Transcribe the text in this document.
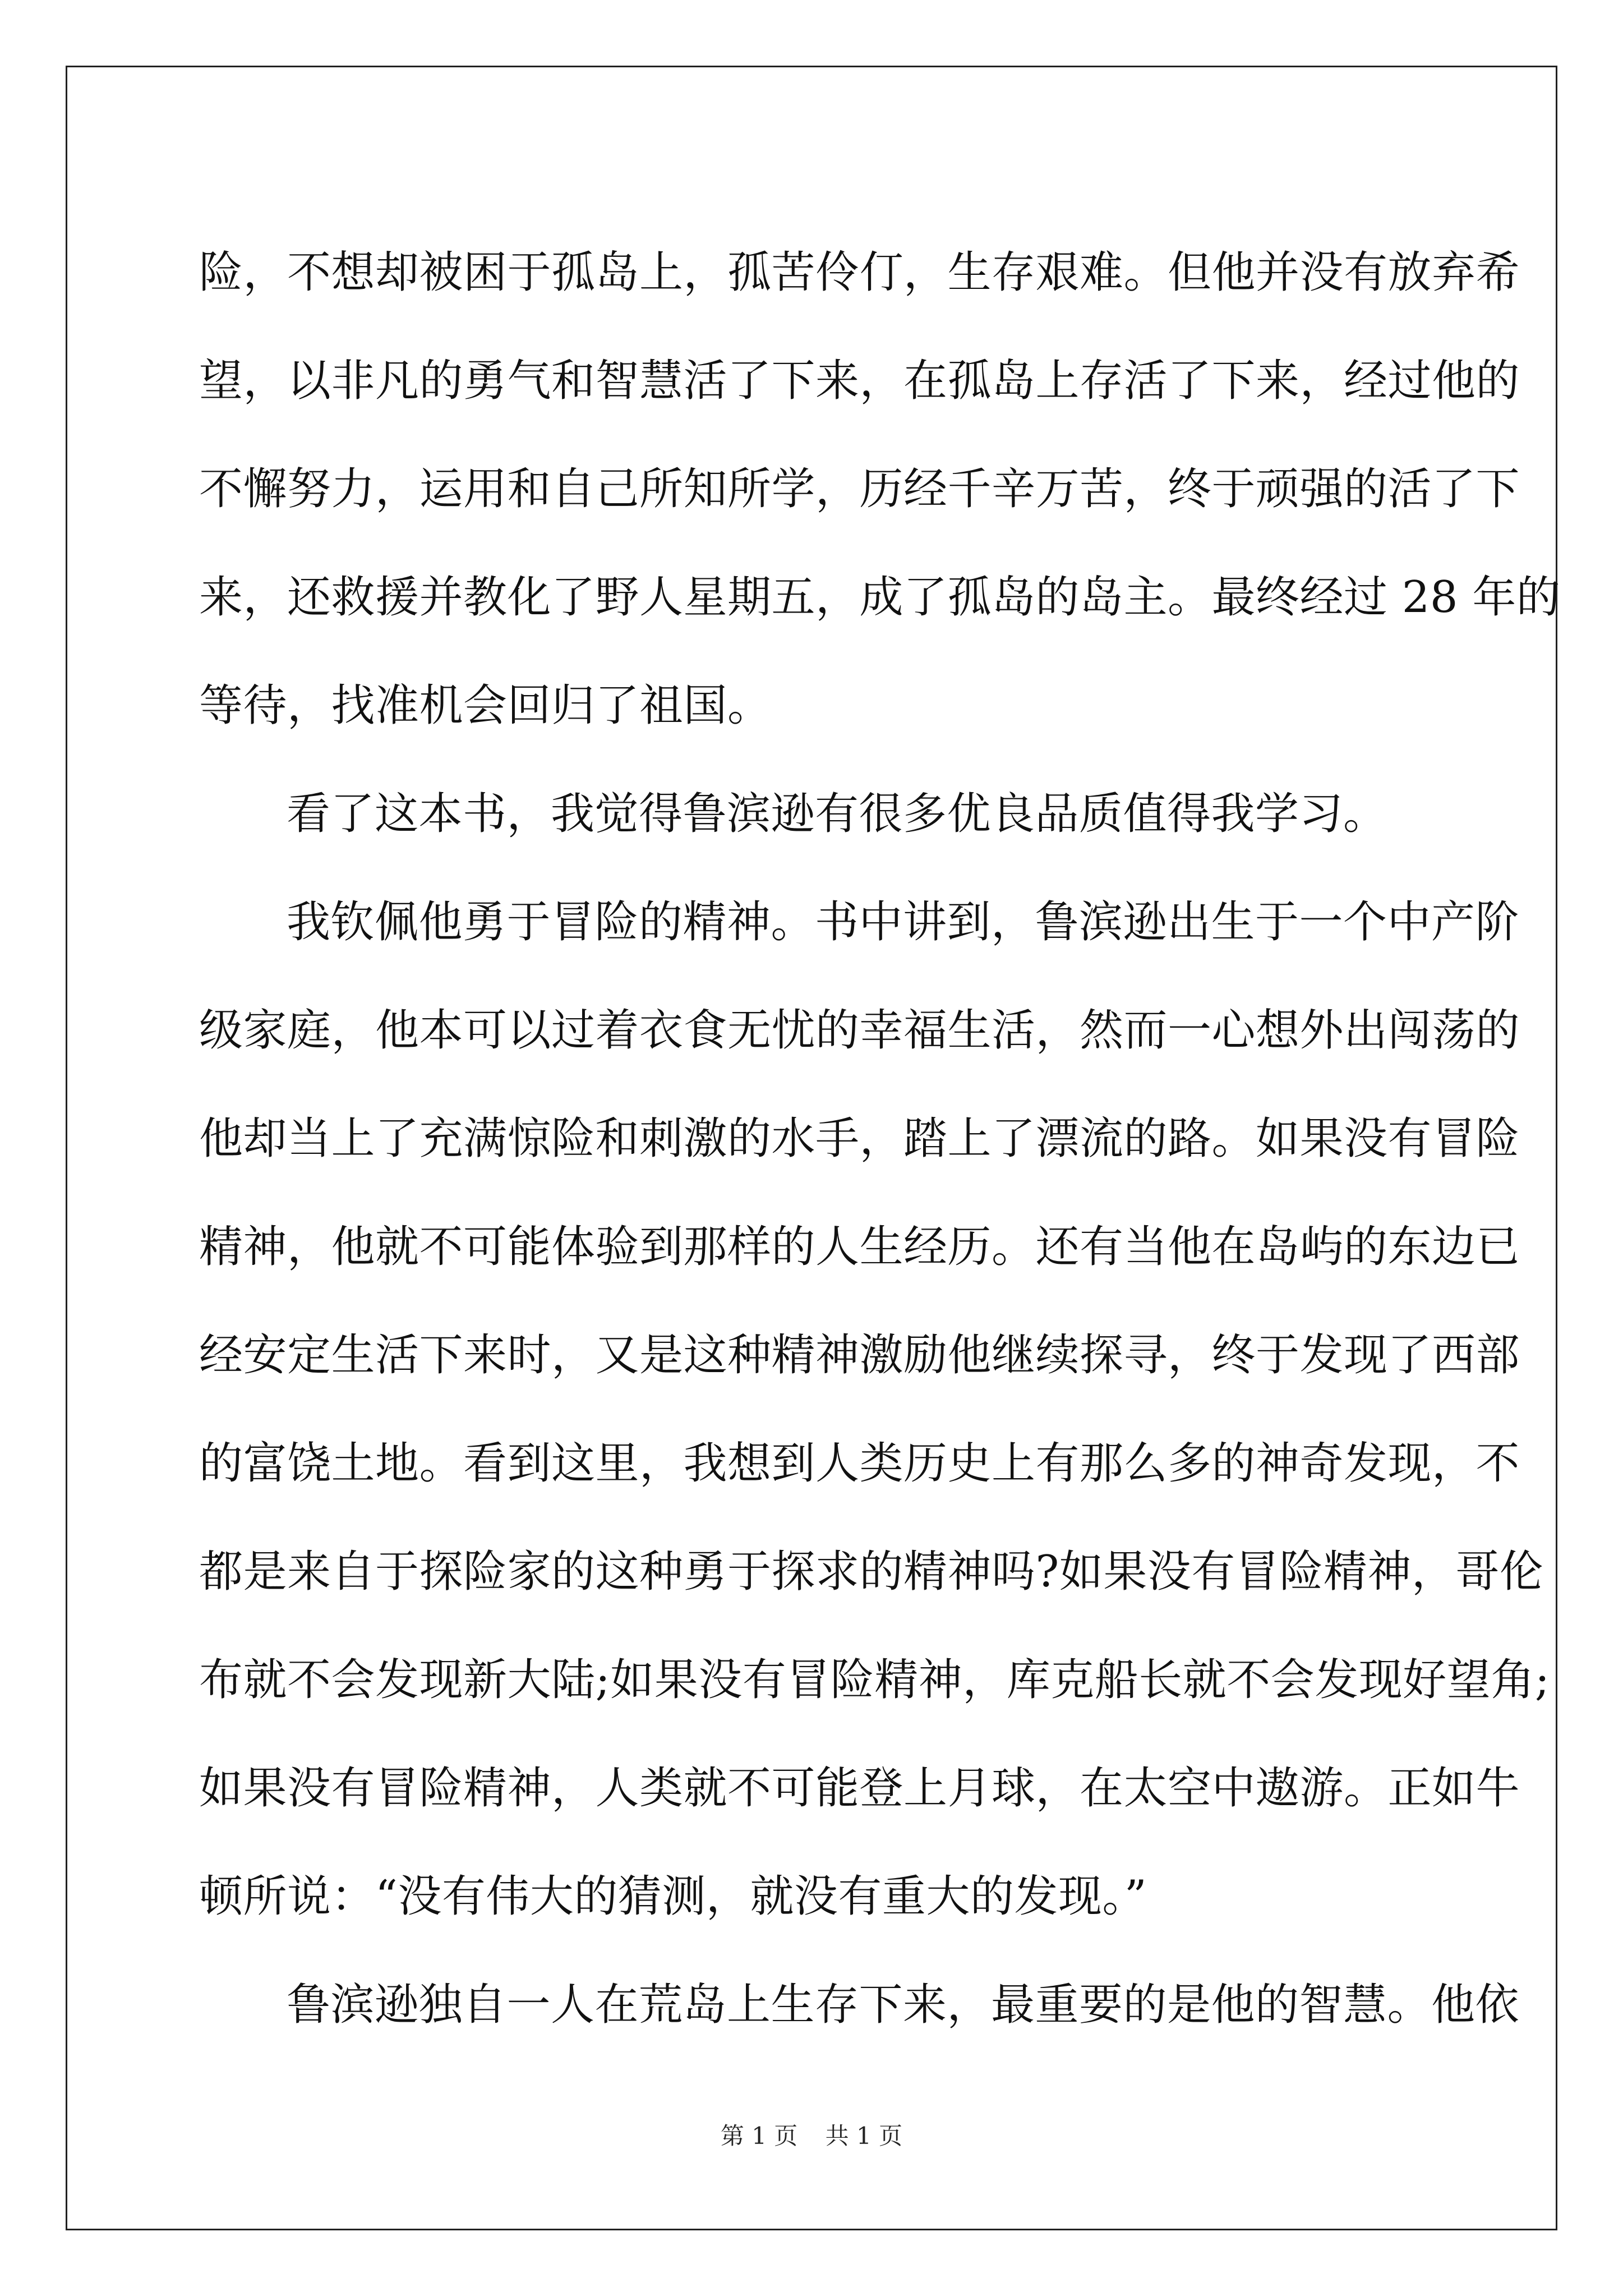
险，不想却被困于孤岛上，孤苦伶仃，生存艰难。但他并没有放弃希
望，以非凡的勇气和智慧活了下来，在孤岛上存活了下来，经过他的
不懈努力，运用和自己所知所学，历经千辛万苦，终于顽强的活了下
来，还救援并教化了野人星期五，成了孤岛的岛主。最终经过 28 年的
等待，找准机会回归了祖国。
看了这本书，我觉得鲁滨逊有很多优良品质值得我学习。
我钦佩他勇于冒险的精神。书中讲到，鲁滨逊出生于一个中产阶
级家庭，他本可以过着衣食无忧的幸福生活，然而一心想外出闯荡的
他却当上了充满惊险和刺激的水手，踏上了漂流的路。如果没有冒险
精神，他就不可能体验到那样的人生经历。还有当他在岛屿的东边已
经安定生活下来时，又是这种精神激励他继续探寻，终于发现了西部
的富饶土地。看到这里，我想到人类历史上有那么多的神奇发现，不
都是来自于探险家的这种勇于探求的精神吗?如果没有冒险精神，哥伦
布就不会发现新大陆;如果没有冒险精神，库克船长就不会发现好望角;
如果没有冒险精神，人类就不可能登上月球，在太空中遨游。正如牛
顿所说：“没有伟大的猜测，就没有重大的发现。”
鲁滨逊独自一人在荒岛上生存下来，最重要的是他的智慧。他依
第 1 页 共 1 页
